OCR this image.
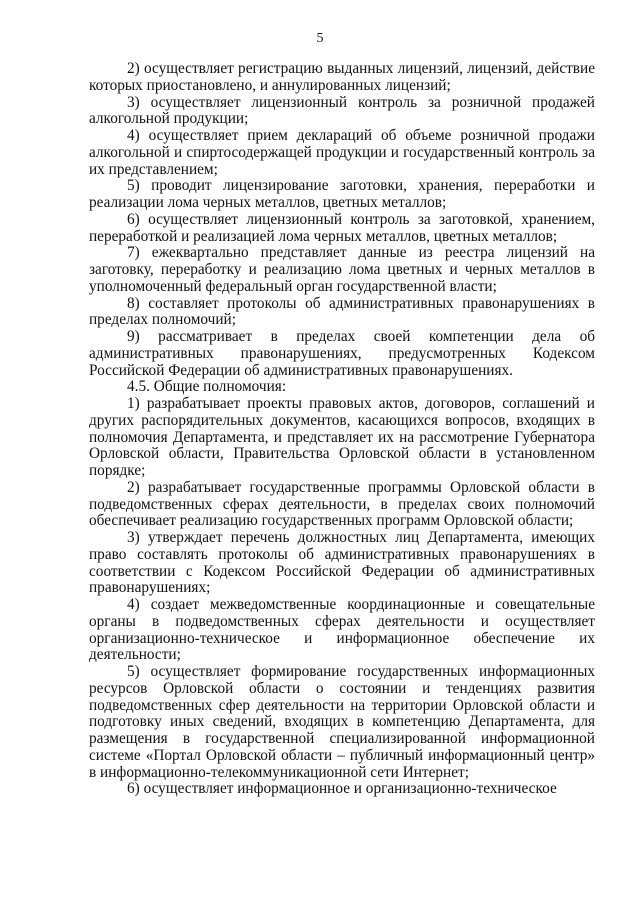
5

2) осуществляет регистрацию выданных лицензий, лицензий, действие которых приостановлено, и аннулированных лицензий;

3) осуществляет лицензионный контроль за розничной продажей алкогольной продукции;

4) осуществляет прием деклараций об объеме розничной продажи алкогольной и спиртосодержащей продукции и государственный контроль за их представлением;

5) проводит лицензирование заготовки, хранения, переработки и реализации лома черных металлов, цветных металлов;

6) осуществляет лицензионный контроль за заготовкой, хранением, переработкой и реализацией лома черных металлов, цветных металлов;

7) ежеквартально представляет данные из реестра лицензий на заготовку, переработку и реализацию лома цветных и черных металлов в уполномоченный федеральный орган государственной власти;

8) составляет протоколы об административных правонарушениях в пределах полномочий;

9) рассматривает в пределах своей компетенции дела об административных правонарушениях, предусмотренных Кодексом Российской Федерации об административных правонарушениях.

4.5. Общие полномочия:

1) разрабатывает проекты правовых актов, договоров, соглашений и других распорядительных документов, касающихся вопросов, входящих в полномочия Департамента, и представляет их на рассмотрение Губернатора Орловской области, Правительства Орловской области в установленном порядке;

2) разрабатывает государственные программы Орловской области в подведомственных сферах деятельности, в пределах своих полномочий обеспечивает реализацию государственных программ Орловской области;

3) утверждает перечень должностных лиц Департамента, имеющих право составлять протоколы об административных правонарушениях в соответствии с Кодексом Российской Федерации об административных правонарушениях;

4) создает межведомственные координационные и совещательные органы в подведомственных сферах деятельности и осуществляет организационно-техническое и информационное обеспечение их деятельности;

5) осуществляет формирование государственных информационных ресурсов Орловской области о состоянии и тенденциях развития подведомственных сфер деятельности на территории Орловской области и подготовку иных сведений, входящих в компетенцию Департамента, для размещения в государственной специализированной информационной системе «Портал Орловской области – публичный информационный центр» в информационно-телекоммуникационной сети Интернет;

6) осуществляет информационное и организационно-техническое
